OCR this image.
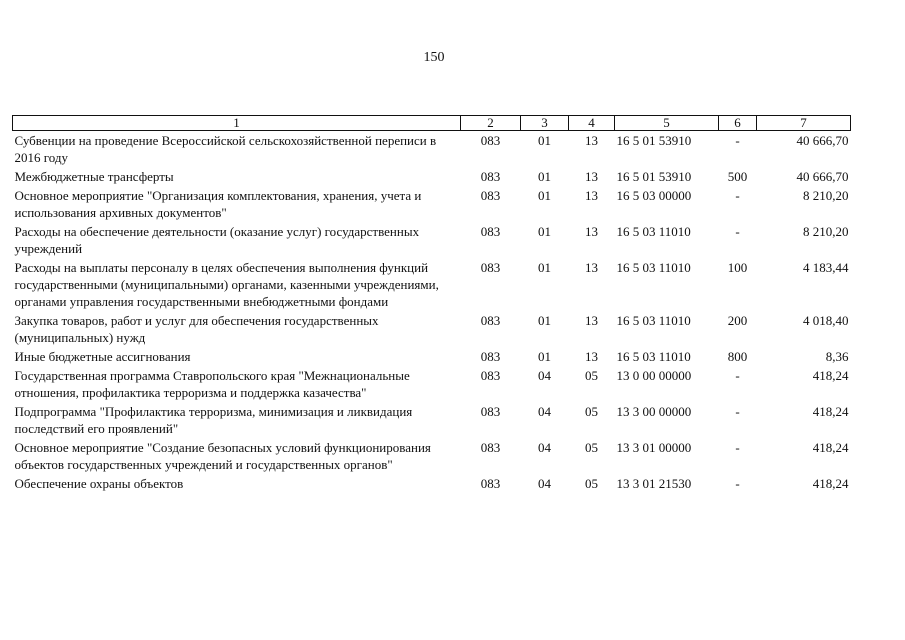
150
1	2	3	4	5	6	7
Субвенции на проведение Всероссийской сельскохозяйственной переписи в 2016 году	083	01	13	16 5 01 53910	-	40 666,70
Межбюджетные трансферты	083	01	13	16 5 01 53910	500	40 666,70
Основное мероприятие "Организация комплектования, хранения, учета и использования архивных документов"	083	01	13	16 5 03 00000	-	8 210,20
Расходы на обеспечение деятельности (оказание услуг) государственных учреждений	083	01	13	16 5 03 11010	-	8 210,20
Расходы на выплаты персоналу в целях обеспечения выполнения функций государственными (муниципальными) органами, казенными учреждениями, органами управления государственными внебюджетными фондами	083	01	13	16 5 03 11010	100	4 183,44
Закупка товаров, работ и услуг для обеспечения государственных (муниципальных) нужд	083	01	13	16 5 03 11010	200	4 018,40
Иные бюджетные ассигнования	083	01	13	16 5 03 11010	800	8,36
Государственная программа Ставропольского края "Межнациональные отношения, профилактика терроризма и поддержка казачества"	083	04	05	13 0 00 00000	-	418,24
Подпрограмма "Профилактика терроризма, минимизация и ликвидация последствий его проявлений"	083	04	05	13 3 00 00000	-	418,24
Основное мероприятие "Создание безопасных условий функционирования объектов государственных учреждений и государственных органов"	083	04	05	13 3 01 00000	-	418,24
Обеспечение охраны объектов	083	04	05	13 3 01 21530	-	418,24
